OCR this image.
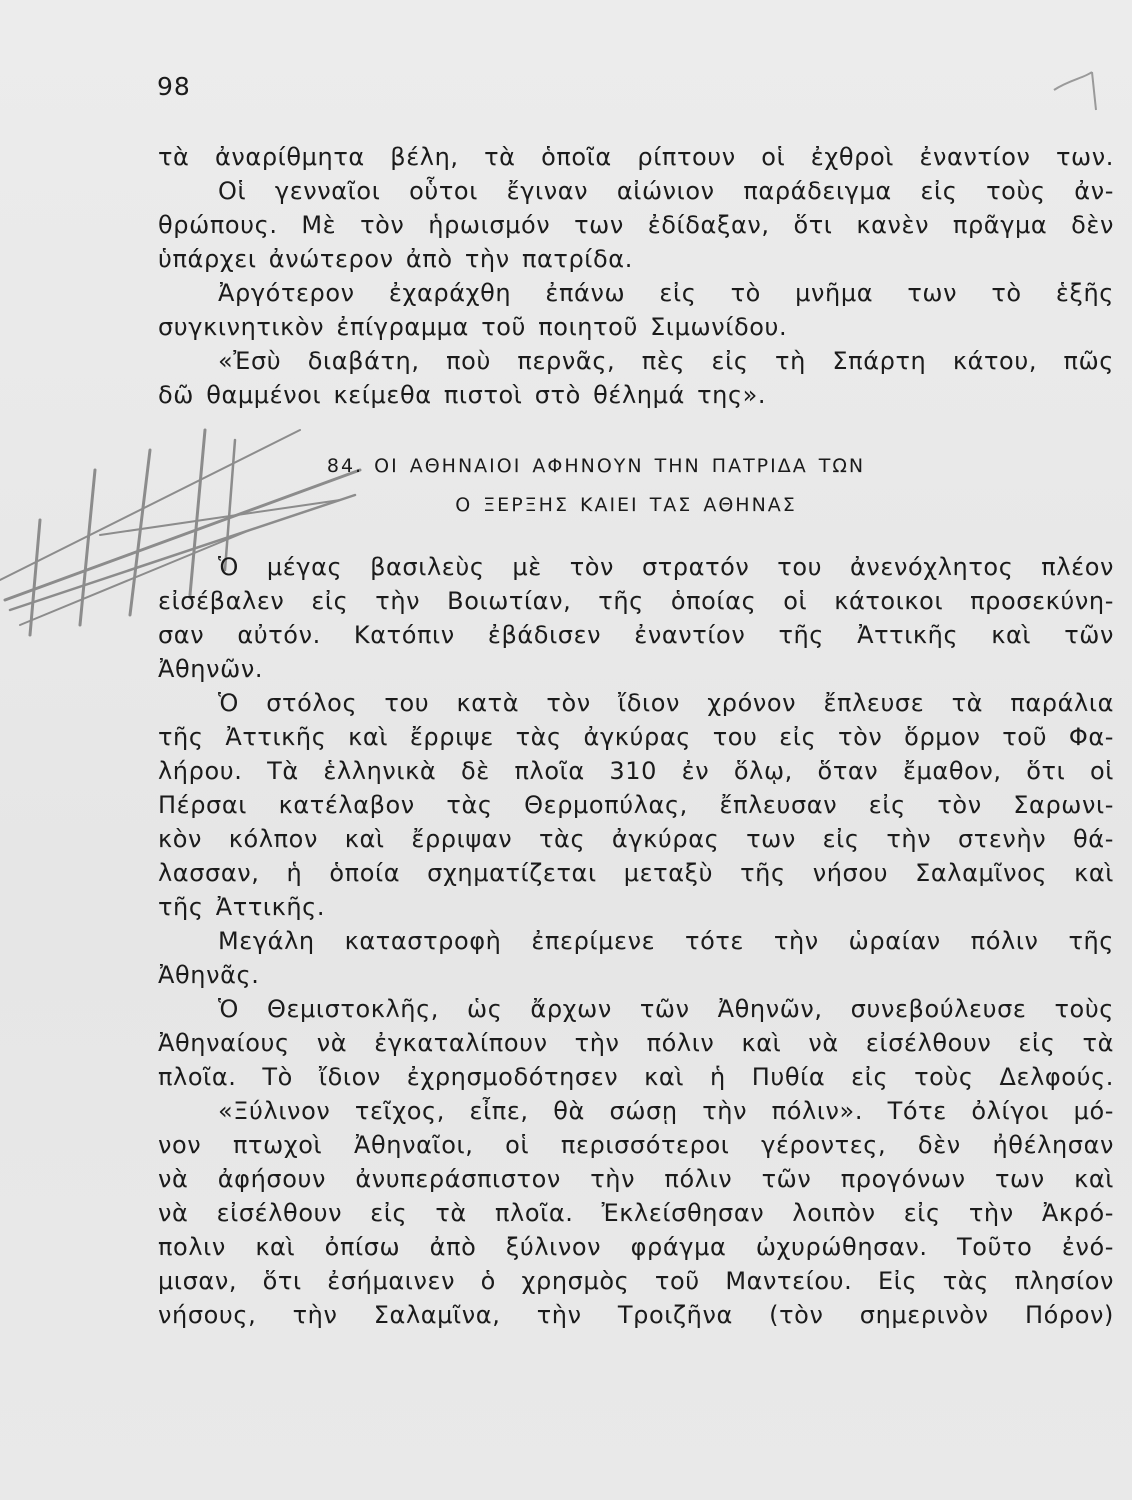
98
τὰ ἀναρίθμητα βέλη, τὰ ὁποῖα ρίπτουν οἱ ἐχθροὶ ἐναντίον των.
Οἱ γενναῖοι οὗτοι ἔγιναν αἰώνιον παράδειγμα εἰς τοὺς ἀν-
θρώπους. Μὲ τὸν ἡρωισμόν των ἐδίδαξαν, ὅτι κανὲν πρᾶγμα δὲν
ὑπάρχει ἀνώτερον ἀπὸ τὴν πατρίδα.
Ἀργότερον ἐχαράχθη ἐπάνω εἰς τὸ μνῆμα των τὸ ἑξῆς
συγκινητικὸν ἐπίγραμμα τοῦ ποιητοῦ Σιμωνίδου.
«Ἐσὺ διαβάτη, ποὺ περνᾶς, πὲς εἰς τὴ Σπάρτη κάτου, πῶς
δῶ θαμμένοι κείμεθα πιστοὶ στὸ θέλημά της».
84. ΟΙ ΑΘΗΝΑΙΟΙ ΑΦΗΝΟΥΝ ΤΗΝ ΠΑΤΡΙΔΑ ΤΩΝ
Ο ΞΕΡΞΗΣ ΚΑΙΕΙ ΤΑΣ ΑΘΗΝΑΣ
Ὁ μέγας βασιλεὺς μὲ τὸν στρατόν του ἀνενόχλητος πλέον
εἰσέβαλεν εἰς τὴν Βοιωτίαν, τῆς ὁποίας οἱ κάτοικοι προσεκύνη-
σαν αὐτόν. Κατόπιν ἐβάδισεν ἐναντίον τῆς Ἀττικῆς καὶ τῶν
Ἀθηνῶν.
Ὁ στόλος του κατὰ τὸν ἴδιον χρόνον ἔπλευσε τὰ παράλια
τῆς Ἀττικῆς καὶ ἔρριψε τὰς ἀγκύρας του εἰς τὸν ὅρμον τοῦ Φα-
λήρου. Τὰ ἑλληνικὰ δὲ πλοῖα 310 ἐν ὅλῳ, ὅταν ἔμαθον, ὅτι οἱ
Πέρσαι κατέλαβον τὰς Θερμοπύλας, ἔπλευσαν εἰς τὸν Σαρωνι-
κὸν κόλπον καὶ ἔρριψαν τὰς ἀγκύρας των εἰς τὴν στενὴν θά-
λασσαν, ἡ ὁποία σχηματίζεται μεταξὺ τῆς νήσου Σαλαμῖνος καὶ
τῆς Ἀττικῆς.
Μεγάλη καταστροφὴ ἐπερίμενε τότε τὴν ὡραίαν πόλιν τῆς
Ἀθηνᾶς.
Ὁ Θεμιστοκλῆς, ὡς ἄρχων τῶν Ἀθηνῶν, συνεβούλευσε τοὺς
Ἀθηναίους νὰ ἐγκαταλίπουν τὴν πόλιν καὶ νὰ εἰσέλθουν εἰς τὰ
πλοῖα. Τὸ ἴδιον ἐχρησμοδότησεν καὶ ἡ Πυθία εἰς τοὺς Δελφούς.
«Ξύλινον τεῖχος, εἶπε, θὰ σώσῃ τὴν πόλιν». Τότε ὀλίγοι μό-
νον πτωχοὶ Ἀθηναῖοι, οἱ περισσότεροι γέροντες, δὲν ἠθέλησαν
νὰ ἀφήσουν ἀνυπεράσπιστον τὴν πόλιν τῶν προγόνων των καὶ
νὰ εἰσέλθουν εἰς τὰ πλοῖα. Ἐκλείσθησαν λοιπὸν εἰς τὴν Ἀκρό-
πολιν καὶ ὀπίσω ἀπὸ ξύλινον φράγμα ὠχυρώθησαν. Τοῦτο ἐνό-
μισαν, ὅτι ἐσήμαινεν ὁ χρησμὸς τοῦ Μαντείου. Εἰς τὰς πλησίον
νήσους, τὴν Σαλαμῖνα, τὴν Τροιζῆνα (τὸν σημερινὸν Πόρον)
